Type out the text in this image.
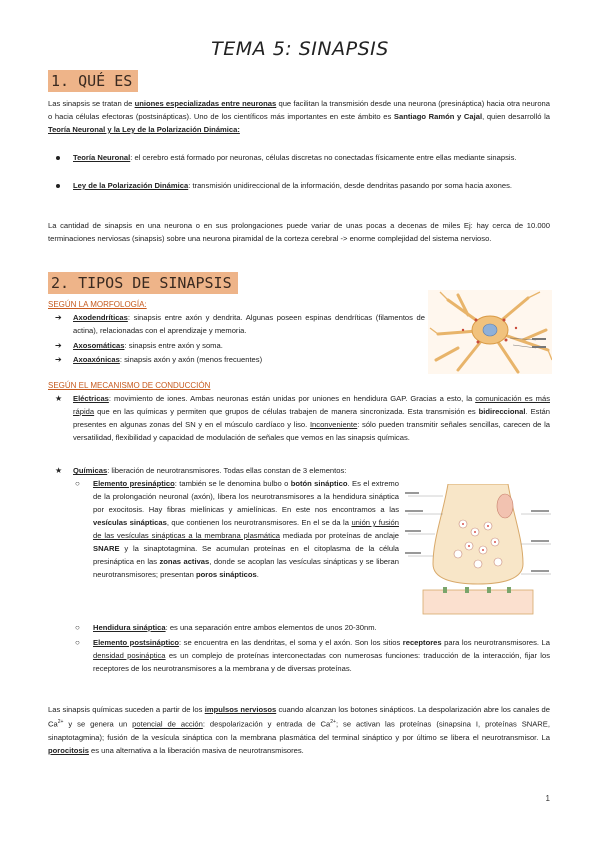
TEMA 5: SINAPSIS
1. QUÉ ES
Las sinapsis se tratan de uniones especializadas entre neuronas que facilitan la transmisión desde una neurona (presináptica) hacia otra neurona o hacia células efectoras (postsinápticas). Uno de los científicos más importantes en este ámbito es Santiago Ramón y Cajal, quien desarrolló la Teoría Neuronal y la Ley de la Polarización Dinámica:
Teoría Neuronal: el cerebro está formado por neuronas, células discretas no conectadas físicamente entre ellas mediante sinapsis.
Ley de la Polarización Dinámica: transmisión unidireccional de la información, desde dendritas pasando por soma hacia axones.
La cantidad de sinapsis en una neurona o en sus prolongaciones puede variar de unas pocas a decenas de miles Ej: hay cerca de 10.000 terminaciones nerviosas (sinapsis) sobre una neurona piramidal de la corteza cerebral -> enorme complejidad del sistema nervioso.
2. TIPOS DE SINAPSIS
SEGÚN LA MORFOLOGÍA:
➔ Axodendríticas: sinapsis entre axón y dendrita. Algunas poseen espinas dendríticas (filamentos de actina), relacionadas con el aprendizaje y memoria.
➔ Axosomáticas: sinapsis entre axón y soma.
➔ Axoaxónicas: sinapsis axón y axón (menos frecuentes)
SEGÚN EL MECANISMO DE CONDUCCIÓN
★ Eléctricas: movimiento de iones. Ambas neuronas están unidas por uniones en hendidura GAP. Gracias a esto, la comunicación es más rápida que en las químicas y permiten que grupos de células trabajen de manera sincronizada. Esta transmisión es bidireccional. Están presentes en algunas zonas del SN y en el músculo cardíaco y liso. Inconveniente: sólo pueden transmitir señales sencillas, carecen de la versatilidad, flexibilidad y capacidad de modulación de señales que vemos en las sinapsis químicas.
★ Químicas: liberación de neurotransmisores. Todas ellas constan de 3 elementos:
○ Elemento presináptico: también se le denomina bulbo o botón sináptico. Es el extremo de la prolongación neuronal (axón), libera los neurotransmisores a la hendidura sináptica por exocitosis. Hay fibras mielínicas y amielínicas. En este nos encontramos a las vesículas sinápticas, que contienen los neurotransmisores. En el se da la unión y fusión de las vesículas sinápticas a la membrana plasmática mediada por proteínas de anclaje SNARE y la sinaptotagmina. Se acumulan proteínas en el citoplasma de la célula presináptica en las zonas activas, donde se acoplan las vesículas sinápticas y se liberan neurotransmisores; presentan poros sinápticos.
○ Hendidura sináptica: es una separación entre ambos elementos de unos 20-30nm.
○ Elemento postsináptico: se encuentra en las dendritas, el soma y el axón. Son los sitios receptores para los neurotransmisores. La densidad posináptica es un complejo de proteínas interconectadas con numerosas funciones: traducción de la interacción, fijar los receptores de los neurotransmisores a la membrana y de diversas proteínas.
Las sinapsis químicas suceden a partir de los impulsos nerviosos cuando alcanzan los botones sinápticos. La despolarización abre los canales de $Ca^{2+}$ y se genera un potencial de acción: despolarización y entrada de $Ca^{2+}$; se activan las proteínas (sinapsina I, proteínas SNARE, sinaptotagmina); fusión de la vesícula sináptica con la membrana plasmática del terminal sináptico y por último se libera el neurotransmisor. La porocitosis es una alternativa a la liberación masiva de neurotransmisores.
1
